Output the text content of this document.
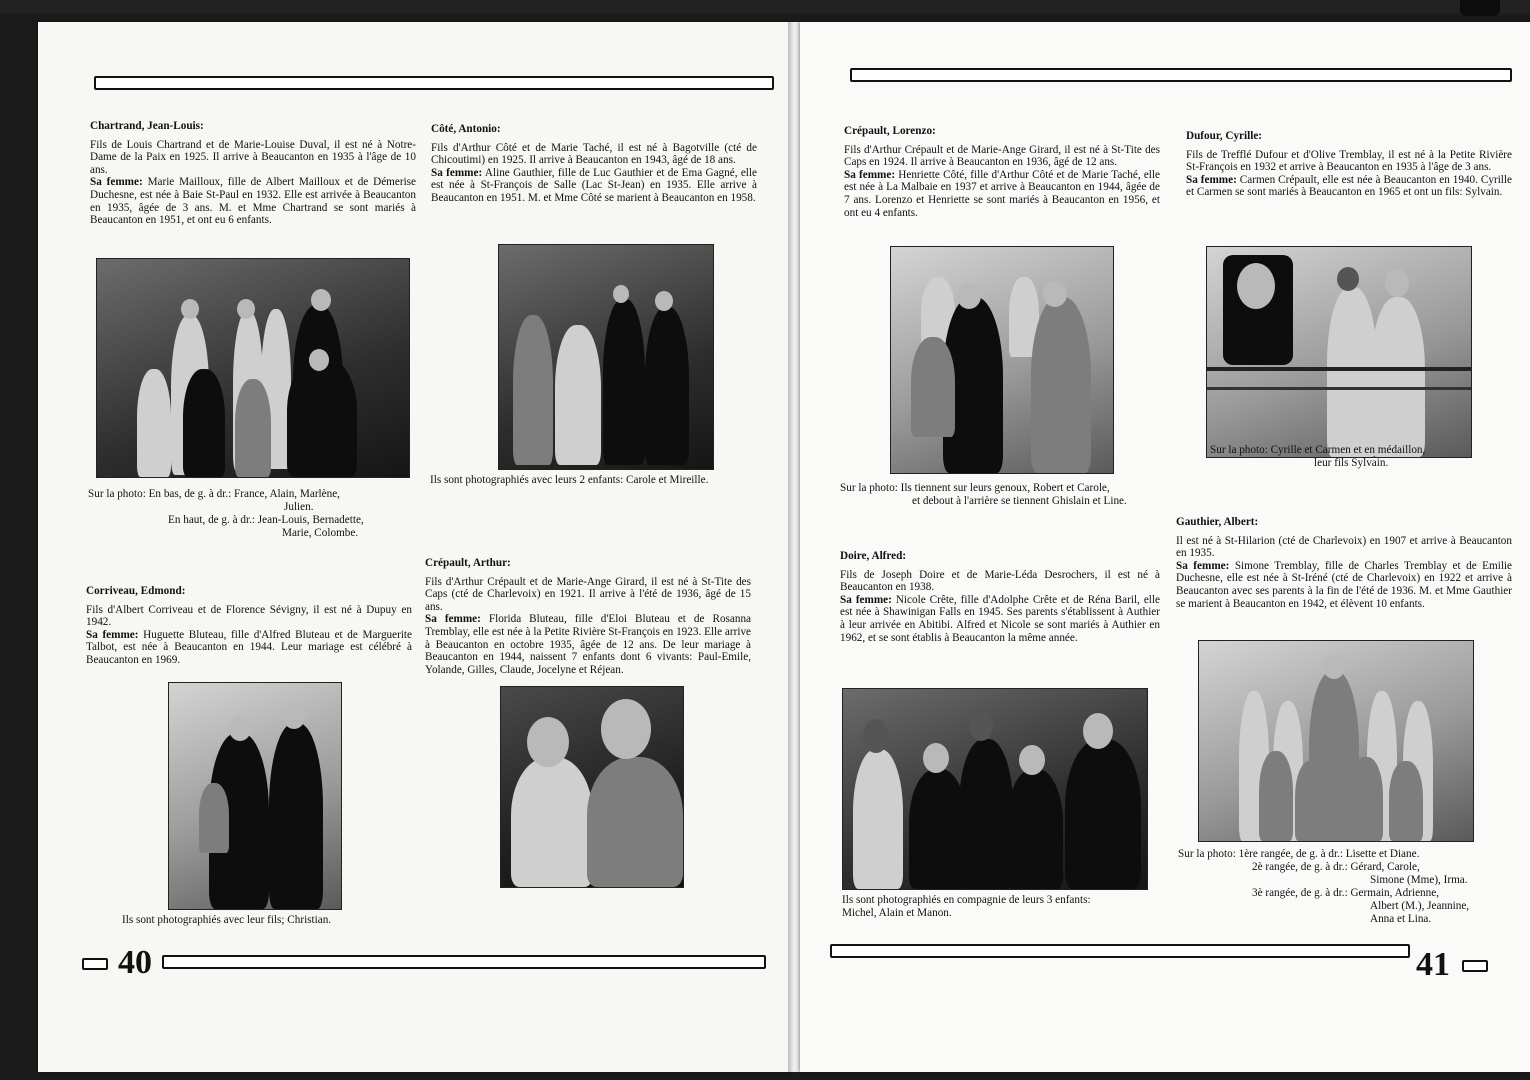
Chartrand, Jean-Louis:

Fils de Louis Chartrand et de Marie-Louise Duval, il est né à Notre-Dame de la Paix en 1925. Il arrive à Beaucanton en 1935 à l'âge de 10 ans.
Sa femme: Marie Mailloux, fille de Albert Mailloux et de Démerise Duchesne, est née à Baie St-Paul en 1932. Elle est arrivée à Beaucanton en 1935, âgée de 3 ans. M. et Mme Chartrand se sont mariés à Beaucanton en 1951, et ont eu 6 enfants.

Sur la photo: En bas, de g. à dr.: France, Alain, Marlène,
Julien.
En haut, de g. à dr.: Jean-Louis, Bernadette,
Marie, Colombe.
Côté, Antonio:

Fils d'Arthur Côté et de Marie Taché, il est né à Bagotville (cté de Chicoutimi) en 1925. Il arrive à Beaucanton en 1943, âgé de 18 ans.
Sa femme: Aline Gauthier, fille de Luc Gauthier et de Ema Gagné, elle est née à St-François de Salle (Lac St-Jean) en 1935. Elle arrive à Beaucanton en 1951. M. et Mme Côté se marient à Beaucanton en 1958.

Ils sont photographiés avec leurs 2 enfants: Carole et Mireille.
Corriveau, Edmond:

Fils d'Albert Corriveau et de Florence Sévigny, il est né à Dupuy en 1942.
Sa femme: Huguette Bluteau, fille d'Alfred Bluteau et de Marguerite Talbot, est née à Beaucanton en 1944. Leur mariage est célébré à Beaucanton en 1969.

Ils sont photographiés avec leur fils; Christian.
Crépault, Arthur:

Fils d'Arthur Crépault et de Marie-Ange Girard, il est né à St-Tite des Caps (cté de Charlevoix) en 1921. Il arrive à l'été de 1936, âgé de 15 ans.
Sa femme: Florida Bluteau, fille d'Eloi Bluteau et de Rosanna Tremblay, elle est née à la Petite Rivière St-François en 1923. Elle arrive à Beaucanton en octobre 1935, âgée de 12 ans. De leur mariage à Beaucanton en 1944, naissent 7 enfants dont 6 vivants: Paul-Emile, Yolande, Gilles, Claude, Jocelyne et Réjean.

40
Crépault, Lorenzo:

Fils d'Arthur Crépault et de Marie-Ange Girard, il est né à St-Tite des Caps en 1924. Il arrive à Beaucanton en 1936, âgé de 12 ans.
Sa femme: Henriette Côté, fille d'Arthur Côté et de Marie Taché, elle est née à La Malbaie en 1937 et arrive à Beaucanton en 1944, âgée de 7 ans. Lorenzo et Henriette se sont mariés à Beaucanton en 1956, et ont eu 4 enfants.

Sur la photo: Ils tiennent sur leurs genoux, Robert et Carole,
et debout à l'arrière se tiennent Ghislain et Line.
Dufour, Cyrille:

Fils de Trefflé Dufour et d'Olive Tremblay, il est né à la Petite Rivière St-François en 1932 et arrive à Beaucanton en 1935 à l'âge de 3 ans.
Sa femme: Carmen Crépault, elle est née à Beaucanton en 1940. Cyrille et Carmen se sont mariés à Beaucanton en 1965 et ont un fils: Sylvain.

Sur la photo: Cyrille et Carmen et en médaillon,
leur fils Sylvain.
Doire, Alfred:

Fils de Joseph Doire et de Marie-Léda Desrochers, il est né à Beaucanton en 1938.
Sa femme: Nicole Crête, fille d'Adolphe Crête et de Réna Baril, elle est née à Shawinigan Falls en 1945. Ses parents s'établissent à Authier à leur arrivée en Abitibi. Alfred et Nicole se sont mariés à Authier en 1962, et se sont établis à Beaucanton la même année.

Ils sont photographiés en compagnie de leurs 3 enfants:
Michel, Alain et Manon.
Gauthier, Albert:

Il est né à St-Hilarion (cté de Charlevoix) en 1907 et arrive à Beaucanton en 1935.
Sa femme: Simone Tremblay, fille de Charles Tremblay et de Emilie Duchesne, elle est née à St-Iréné (cté de Charlevoix) en 1922 et arrive à Beaucanton avec ses parents à la fin de l'été de 1936. M. et Mme Gauthier se marient à Beaucanton en 1942, et élèvent 10 enfants.

Sur la photo: 1ère rangée, de g. à dr.: Lisette et Diane.
2è rangée, de g. à dr.: Gérard, Carole,
Simone (Mme), Irma.
3è rangée, de g. à dr.: Germain, Adrienne,
Albert (M.), Jeannine,
Anna et Lina.
41
